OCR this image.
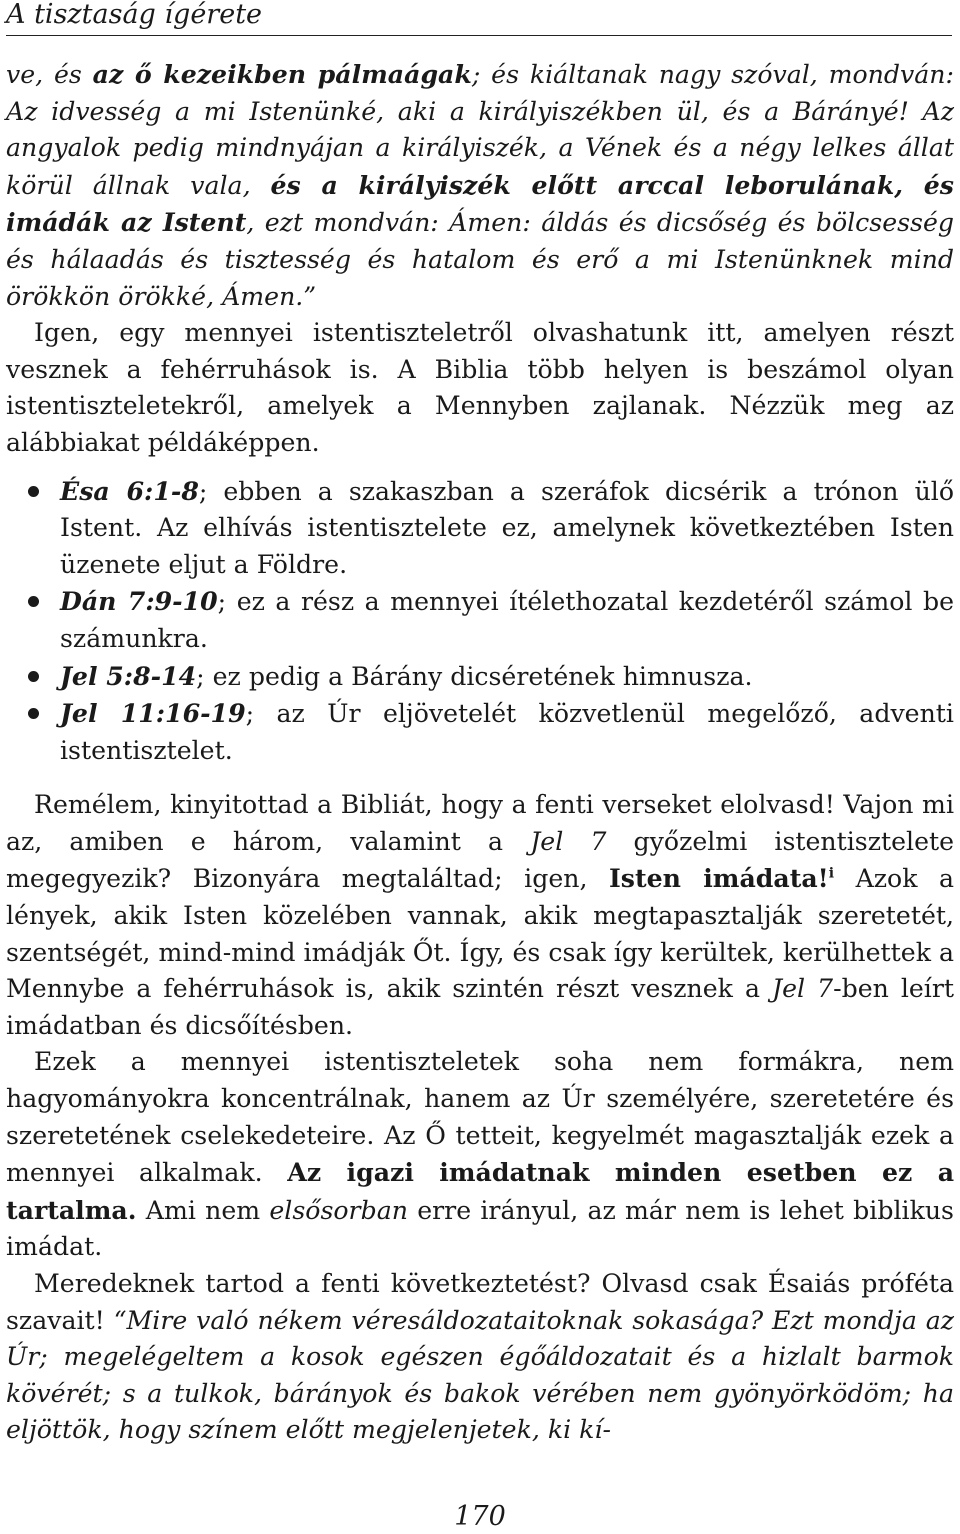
A tisztaság ígérete

ve, és az ő kezeikben pálmaágak; és kiáltanak nagy szóval, mondván: Az idvesség a mi Istenünké, aki a királyiszékben ül, és a Bárányé! Az angyalok pedig mindnyájan a királyiszék, a Vének és a négy lelkes állat körül állnak vala, és a királyiszék előtt arccal leborulának, és imádák az Istent, ezt mondván: Ámen: áldás és dicsőség és bölcsesség és hálaadás és tisztesség és hatalom és erő a mi Istenünknek mind örökkön örökké, Ámen.”

Igen, egy mennyei istentiszteletről olvashatunk itt, amelyen részt vesznek a fehérruhások is. A Biblia több helyen is beszámol olyan istentiszteletekről, amelyek a Mennyben zajlanak. Nézzük meg az alábbiakat példáképpen.

Ésa 6:1-8; ebben a szakaszban a szeráfok dicsérik a trónon ülő Istent. Az elhívás istentisztelete ez, amelynek következtében Isten üzenete eljut a Földre.
Dán 7:9-10; ez a rész a mennyei ítélethozatal kezdetéről számol be számunkra.
Jel 5:8-14; ez pedig a Bárány dicséretének himnusza.
Jel 11:16-19; az Úr eljövetelét közvetlenül megelőző, adventi istentisztelet.

Remélem, kinyitottad a Bibliát, hogy a fenti verseket elolvasd! Vajon mi az, amiben e három, valamint a Jel 7 győzelmi istentisztelete megegyezik? Bizonyára megtaláltad; igen, Isten imádata!$^i$ Azok a lények, akik Isten közelében vannak, akik megtapasztalják szeretetét, szentségét, mind-mind imádják Őt. Így, és csak így kerültek, kerülhettek a Mennybe a fehérruhások is, akik szintén részt vesznek a Jel 7-ben leírt imádatban és dicsőítésben.

Ezek a mennyei istentiszteletek soha nem formákra, nem hagyományokra koncentrálnak, hanem az Úr személyére, szeretetére és szeretetének cselekedeteire. Az Ő tetteit, kegyelmét magasztalják ezek a mennyei alkalmak. Az igazi imádatnak minden esetben ez a tartalma. Ami nem elsősorban erre irányul, az már nem is lehet biblikus imádat.

Meredeknek tartod a fenti következtetést? Olvasd csak Ésaiás próféta szavait! “Mire való nékem véresáldozataitoknak sokasága? Ezt mondja az Úr; megelégeltem a kosok egészen égőáldozatait és a hizlalt barmok kövérét; s a tulkok, bárányok és bakok vérében nem gyönyörködöm; ha eljöttök, hogy színem előtt megjelenjetek, ki kí-

170
